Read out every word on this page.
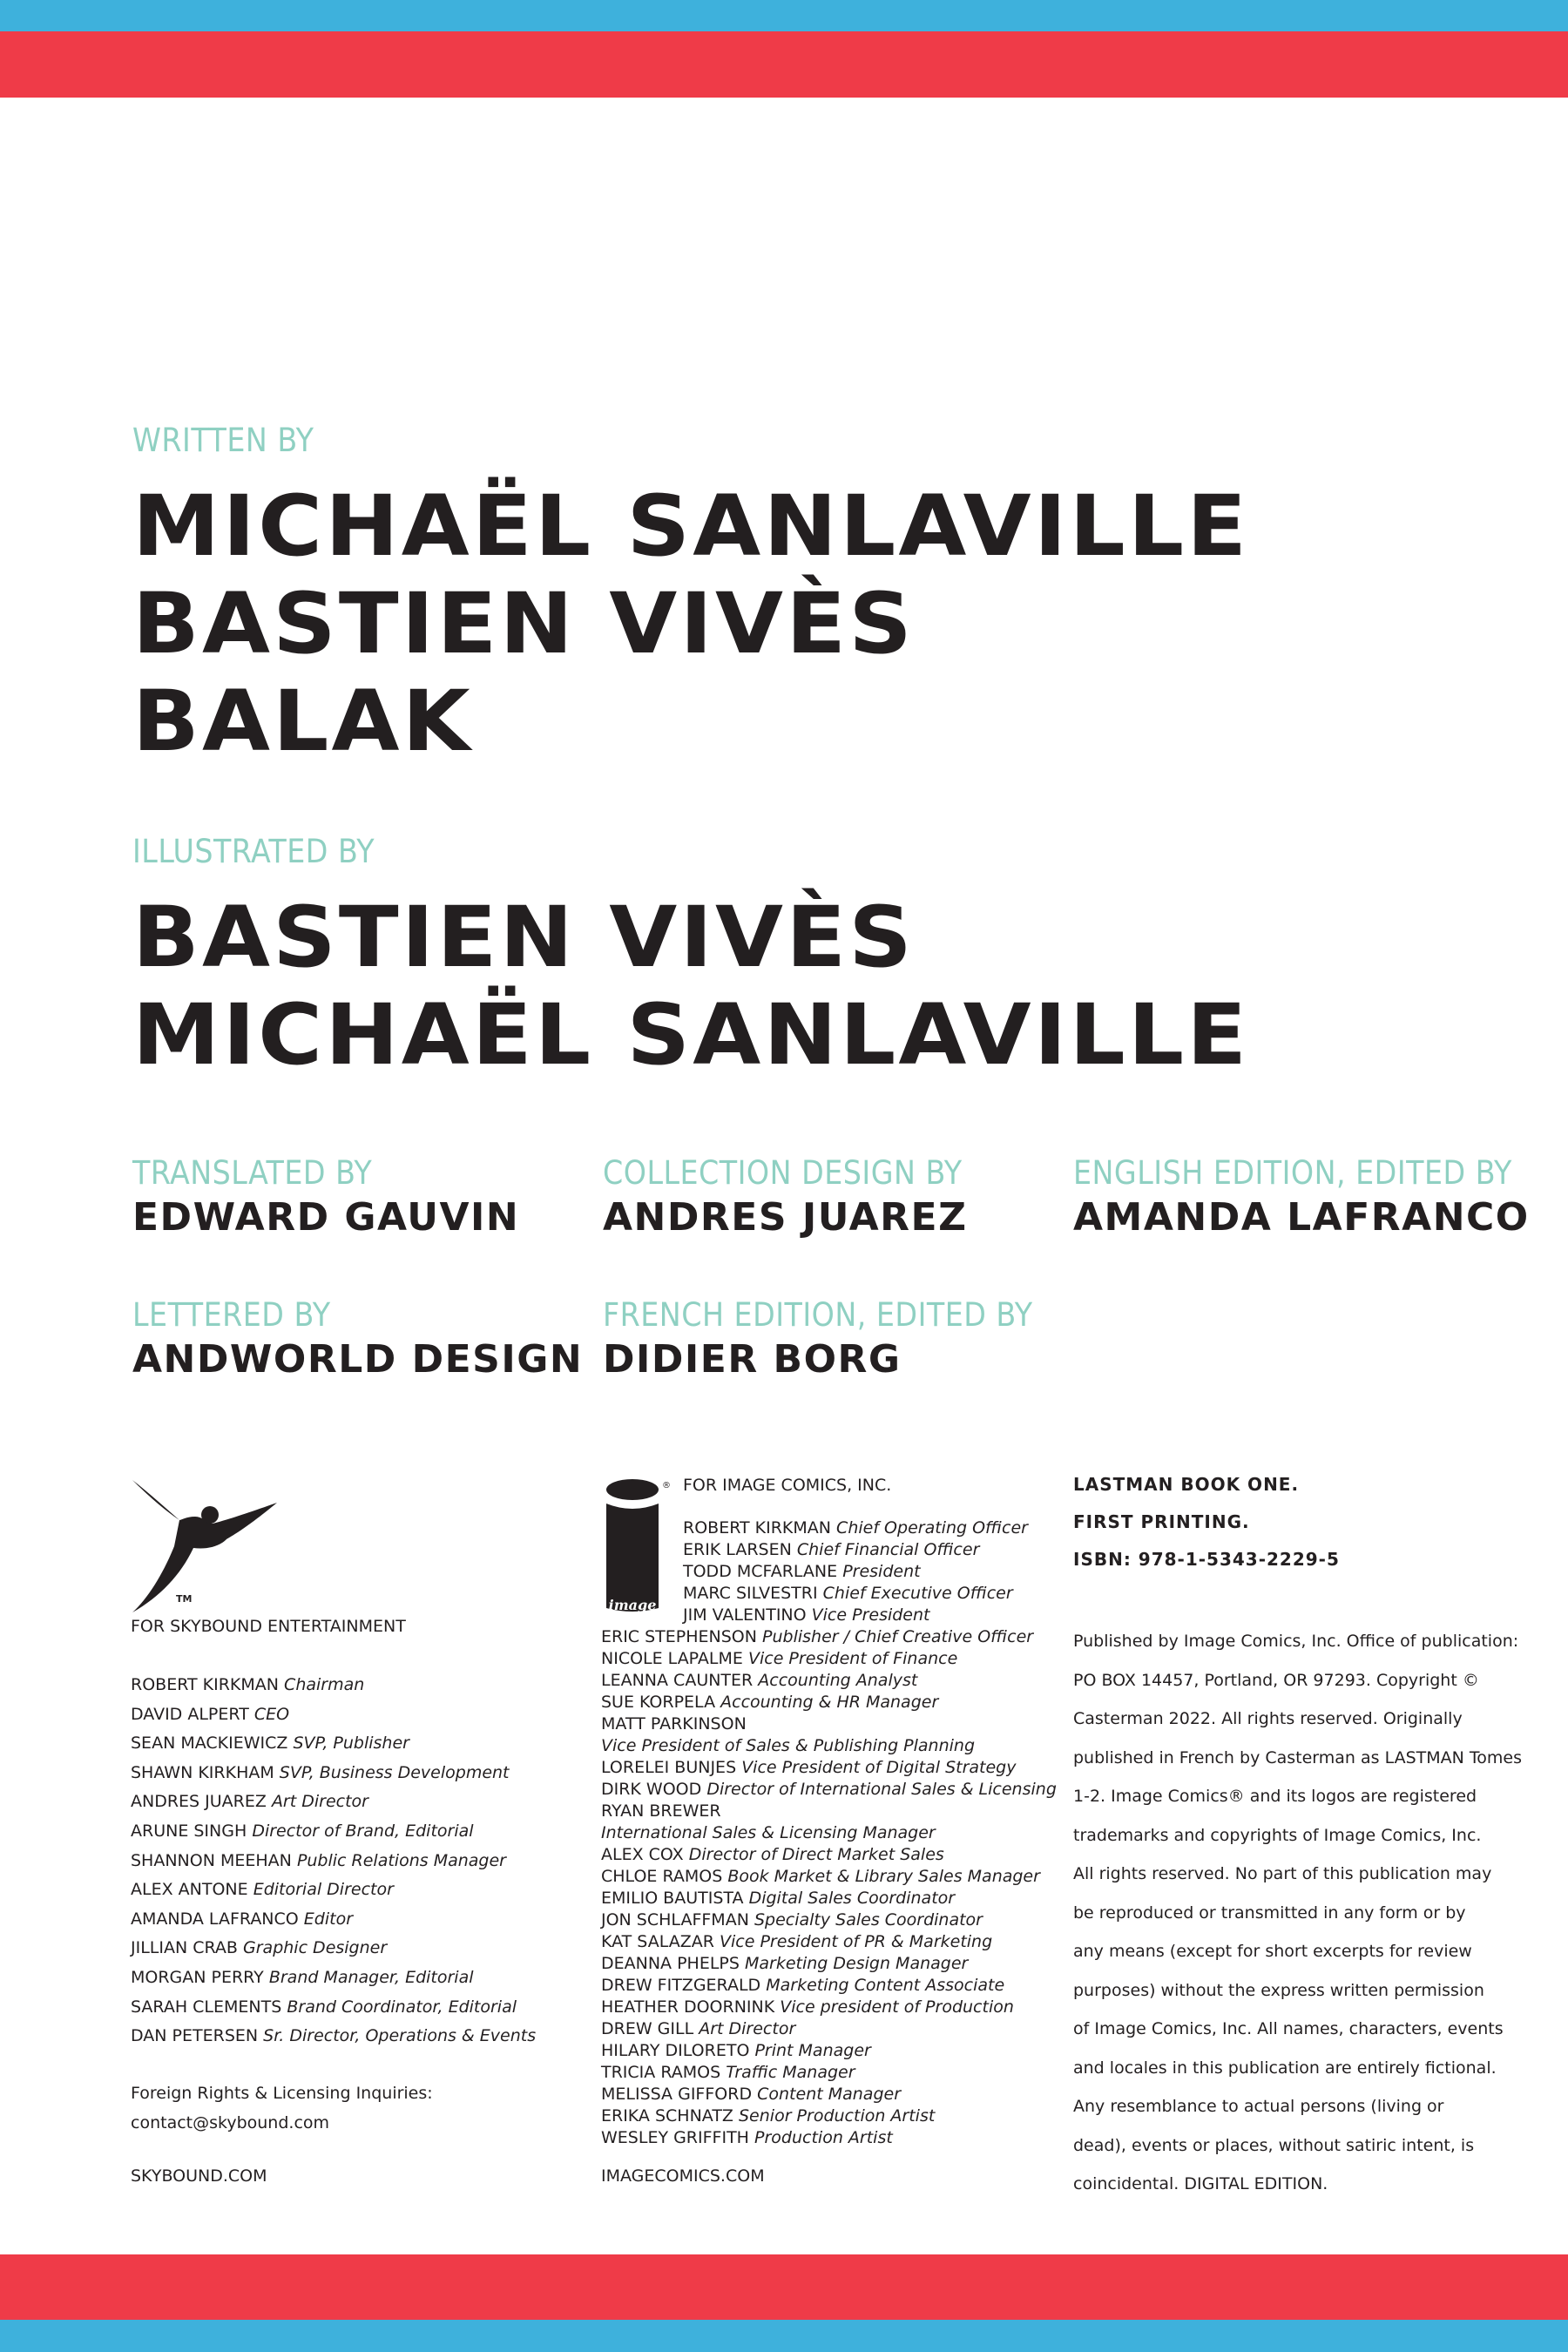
WRITTEN BY
MICHAËL SANLAVILLE
BASTIEN VIVÈS
BALAK
ILLUSTRATED BY
BASTIEN VIVÈS
MICHAËL SANLAVILLE
TRANSLATED BY
EDWARD GAUVIN
COLLECTION DESIGN BY
ANDRES JUAREZ
ENGLISH EDITION, EDITED BY
AMANDA LAFRANCO
LETTERED BY
ANDWORLD DESIGN
FRENCH EDITION, EDITED BY
DIDIER BORG
TM
FOR SKYBOUND ENTERTAINMENT
ROBERT KIRKMAN Chairman
DAVID ALPERT CEO
SEAN MACKIEWICZ SVP, Publisher
SHAWN KIRKHAM SVP, Business Development
ANDRES JUAREZ Art Director
ARUNE SINGH Director of Brand, Editorial
SHANNON MEEHAN Public Relations Manager
ALEX ANTONE Editorial Director
AMANDA LAFRANCO Editor
JILLIAN CRAB Graphic Designer
MORGAN PERRY Brand Manager, Editorial
SARAH CLEMENTS Brand Coordinator, Editorial
DAN PETERSEN Sr. Director, Operations & Events
Foreign Rights & Licensing Inquiries:
contact@skybound.com
SKYBOUND.COM
image
® FOR IMAGE COMICS, INC.
ROBERT KIRKMAN Chief Operating Officer
ERIK LARSEN Chief Financial Officer
TODD MCFARLANE President
MARC SILVESTRI Chief Executive Officer
JIM VALENTINO Vice President
ERIC STEPHENSON Publisher / Chief Creative Officer
NICOLE LAPALME Vice President of Finance
LEANNA CAUNTER Accounting Analyst
SUE KORPELA Accounting & HR Manager
MATT PARKINSON
Vice President of Sales & Publishing Planning
LORELEI BUNJES Vice President of Digital Strategy
DIRK WOOD Director of International Sales & Licensing
RYAN BREWER
International Sales & Licensing Manager
ALEX COX Director of Direct Market Sales
CHLOE RAMOS Book Market & Library Sales Manager
EMILIO BAUTISTA Digital Sales Coordinator
JON SCHLAFFMAN Specialty Sales Coordinator
KAT SALAZAR Vice President of PR & Marketing
DEANNA PHELPS Marketing Design Manager
DREW FITZGERALD Marketing Content Associate
HEATHER DOORNINK Vice president of Production
DREW GILL Art Director
HILARY DILORETO Print Manager
TRICIA RAMOS Traffic Manager
MELISSA GIFFORD Content Manager
ERIKA SCHNATZ Senior Production Artist
WESLEY GRIFFITH Production Artist
IMAGECOMICS.COM
LASTMAN BOOK ONE.
FIRST PRINTING.
ISBN: 978-1-5343-2229-5
Published by Image Comics, Inc. Office of publication:
PO BOX 14457, Portland, OR 97293. Copyright ©
Casterman 2022. All rights reserved. Originally
published in French by Casterman as LASTMAN Tomes
1-2. Image Comics® and its logos are registered
trademarks and copyrights of Image Comics, Inc.
All rights reserved. No part of this publication may
be reproduced or transmitted in any form or by
any means (except for short excerpts for review
purposes) without the express written permission
of Image Comics, Inc. All names, characters, events
and locales in this publication are entirely fictional.
Any resemblance to actual persons (living or
dead), events or places, without satiric intent, is
coincidental. DIGITAL EDITION.
